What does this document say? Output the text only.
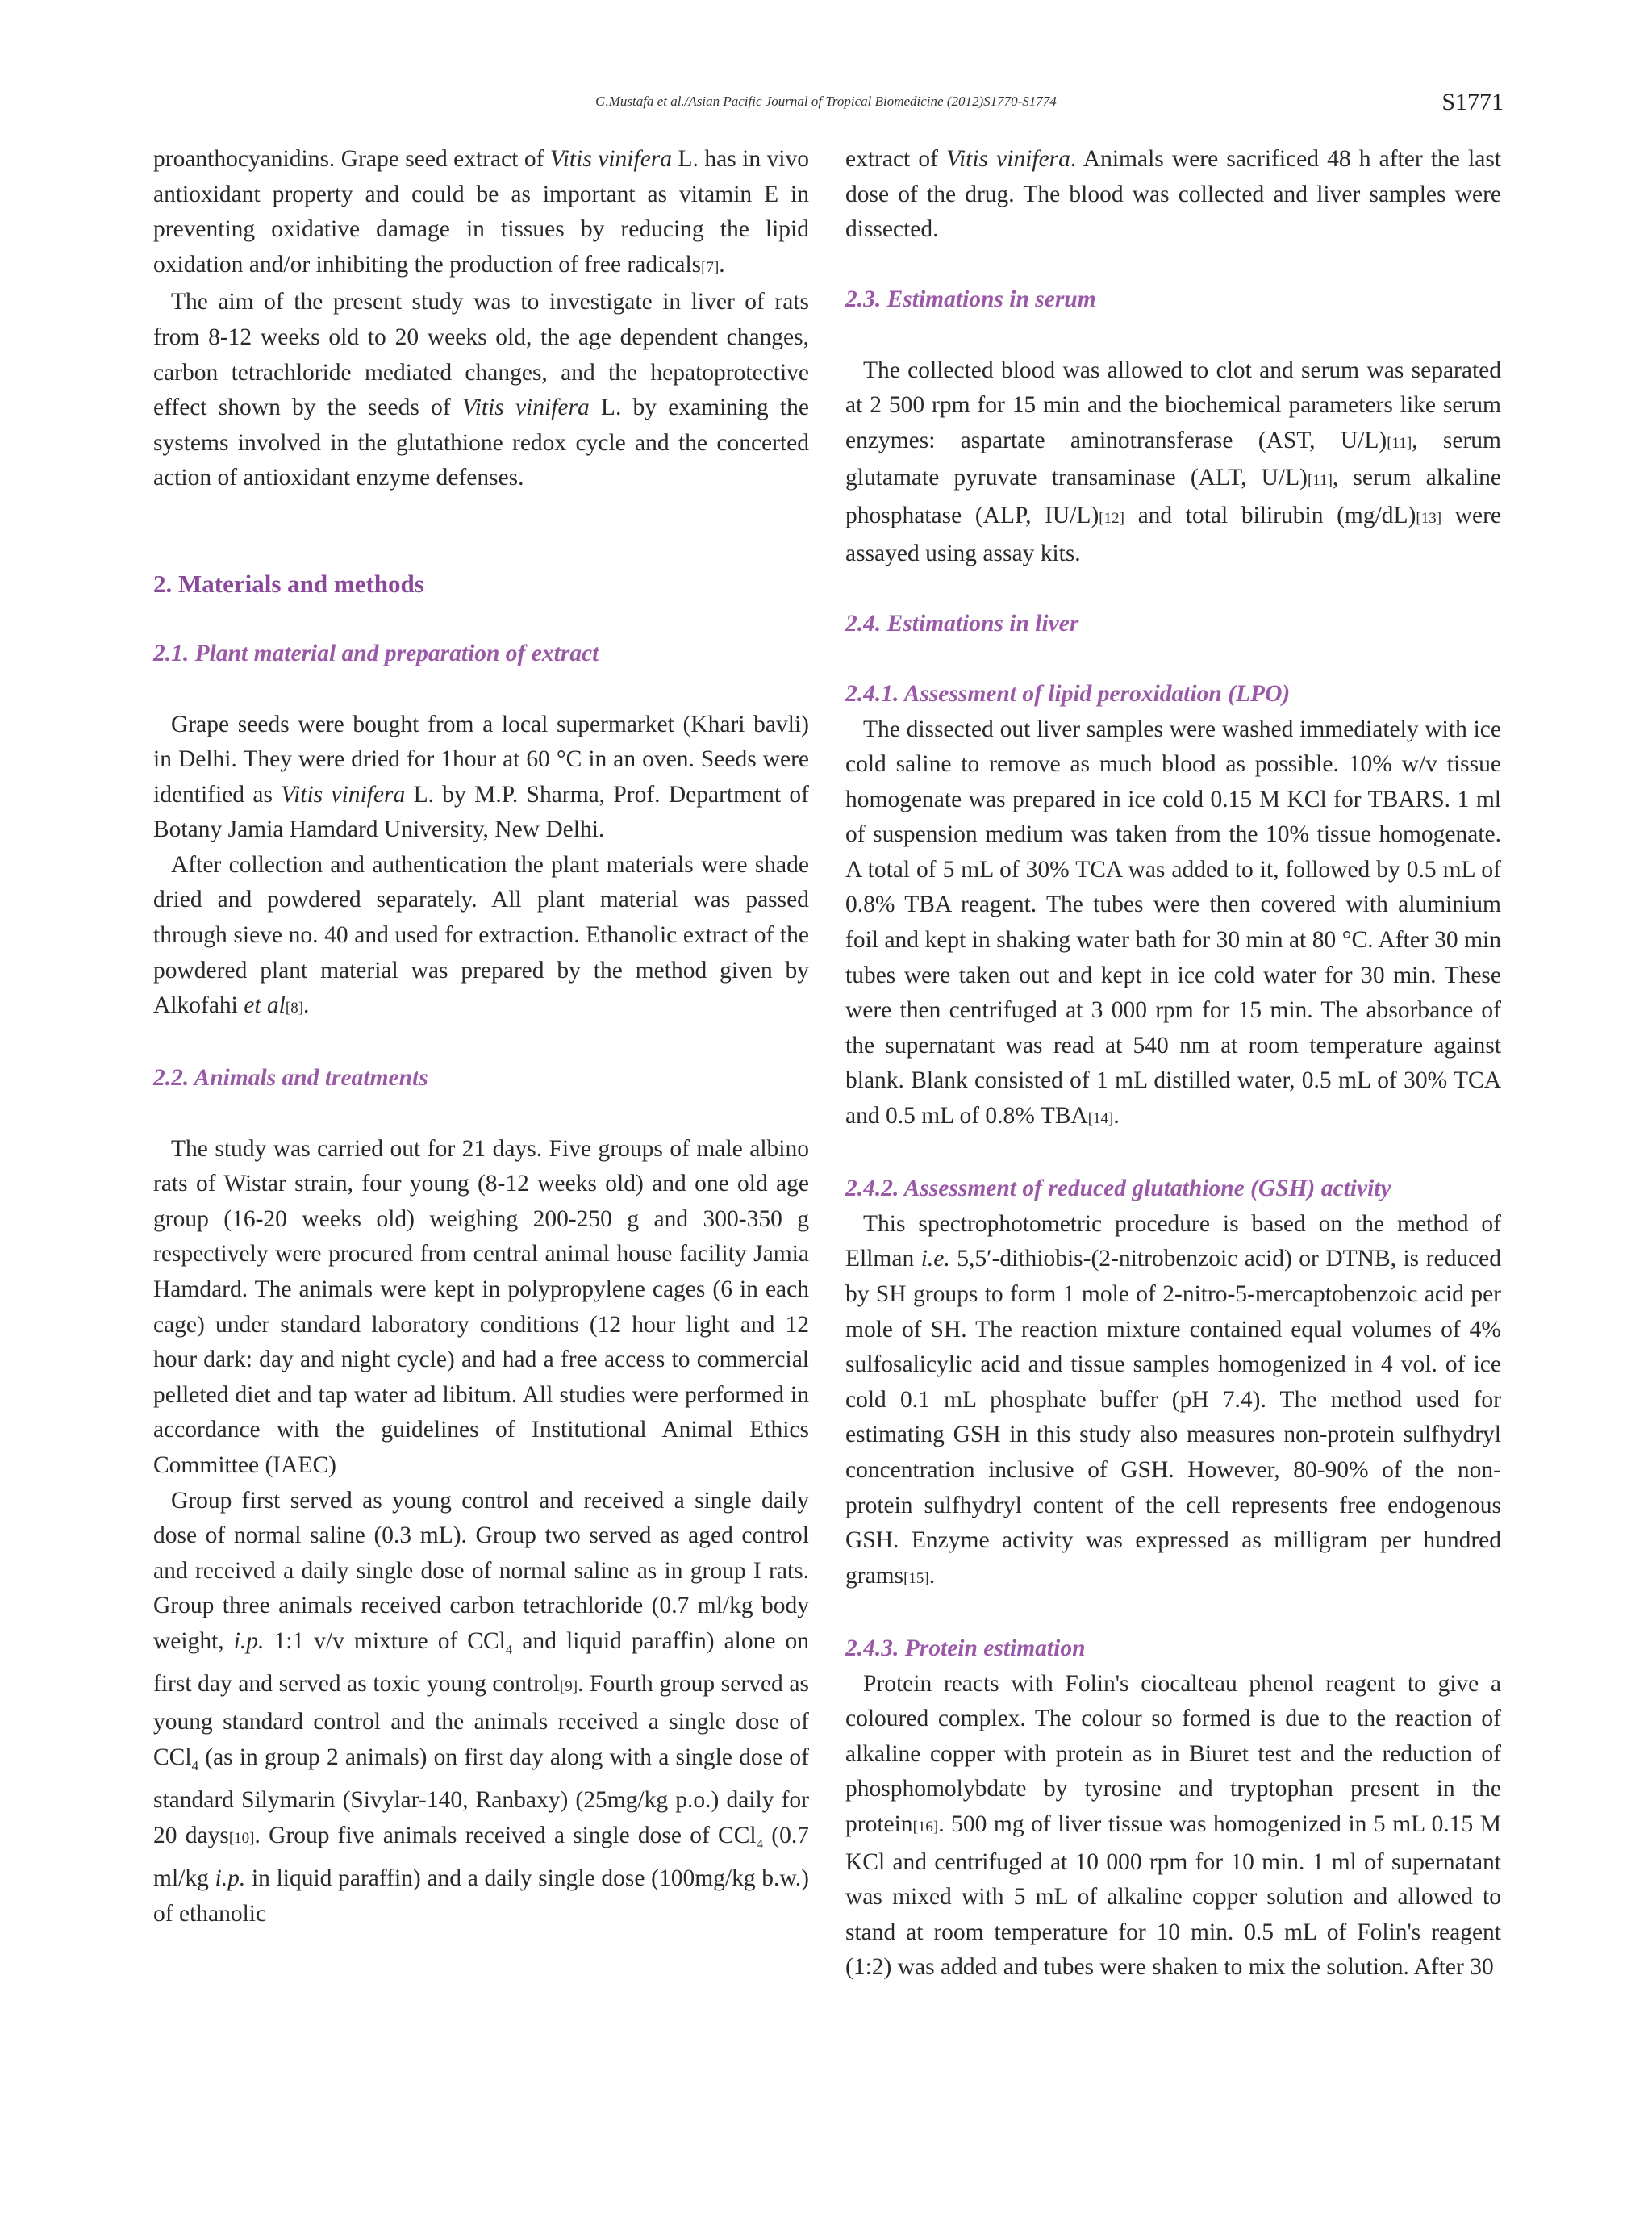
G.Mustafa et al./Asian Pacific Journal of Tropical Biomedicine (2012)S1770-S1774	S1771

proanthocyanidins. Grape seed extract of Vitis vinifera L. has in vivo antioxidant property and could be as important as vitamin E in preventing oxidative damage in tissues by reducing the lipid oxidation and/or inhibiting the production of free radicals[7].

The aim of the present study was to investigate in liver of rats from 8-12 weeks old to 20 weeks old, the age dependent changes, carbon tetrachloride mediated changes, and the hepatoprotective effect shown by the seeds of Vitis vinifera L. by examining the systems involved in the glutathione redox cycle and the concerted action of antioxidant enzyme defenses.

2. Materials and methods
2.1. Plant material and preparation of extract

Grape seeds were bought from a local supermarket (Khari bavli) in Delhi. They were dried for 1hour at 60 °C in an oven. Seeds were identified as Vitis vinifera L. by M.P. Sharma, Prof. Department of Botany Jamia Hamdard University, New Delhi.

After collection and authentication the plant materials were shade dried and powdered separately. All plant material was passed through sieve no. 40 and used for extraction. Ethanolic extract of the powdered plant material was prepared by the method given by Alkofahi et al[8].

2.2. Animals and treatments

The study was carried out for 21 days. Five groups of male albino rats of Wistar strain, four young (8-12 weeks old) and one old age group (16-20 weeks old) weighing 200-250 g and 300-350 g respectively were procured from central animal house facility Jamia Hamdard. The animals were kept in polypropylene cages (6 in each cage) under standard laboratory conditions (12 hour light and 12 hour dark: day and night cycle) and had a free access to commercial pelleted diet and tap water ad libitum. All studies were performed in accordance with the guidelines of Institutional Animal Ethics Committee (IAEC)

Group first served as young control and received a single daily dose of normal saline (0.3 mL). Group two served as aged control and received a daily single dose of normal saline as in group I rats. Group three animals received carbon tetrachloride (0.7 ml/kg body weight, i.p. 1:1 v/v mixture of CCl$_4$ and liquid paraffin) alone on first day and served as toxic young control[9]. Fourth group served as young standard control and the animals received a single dose of CCl$_4$ (as in group 2 animals) on first day along with a single dose of standard Silymarin (Sivylar-140, Ranbaxy) (25mg/kg p.o.) daily for 20 days[10]. Group five animals received a single dose of CCl$_4$ (0.7 ml/kg i.p. in liquid paraffin) and a daily single dose (100mg/kg b.w.) of ethanolic

extract of Vitis vinifera. Animals were sacrificed 48 h after the last dose of the drug. The blood was collected and liver samples were dissected.

2.3. Estimations in serum

The collected blood was allowed to clot and serum was separated at 2 500 rpm for 15 min and the biochemical parameters like serum enzymes: aspartate aminotransferase (AST, U/L)[11], serum glutamate pyruvate transaminase (ALT, U/L)[11], serum alkaline phosphatase (ALP, IU/L)[12] and total bilirubin (mg/dL)[13] were assayed using assay kits.

2.4. Estimations in liver
2.4.1. Assessment of lipid peroxidation (LPO)

The dissected out liver samples were washed immediately with ice cold saline to remove as much blood as possible. 10% w/v tissue homogenate was prepared in ice cold 0.15 M KCl for TBARS. 1 ml of suspension medium was taken from the 10% tissue homogenate. A total of 5 mL of 30% TCA was added to it, followed by 0.5 mL of 0.8% TBA reagent. The tubes were then covered with aluminium foil and kept in shaking water bath for 30 min at 80 °C. After 30 min tubes were taken out and kept in ice cold water for 30 min. These were then centrifuged at 3 000 rpm for 15 min. The absorbance of the supernatant was read at 540 nm at room temperature against blank. Blank consisted of 1 mL distilled water, 0.5 mL of 30% TCA and 0.5 mL of 0.8% TBA[14].

2.4.2. Assessment of reduced glutathione (GSH) activity

This spectrophotometric procedure is based on the method of Ellman i.e. 5,5′-dithiobis-(2-nitrobenzoic acid) or DTNB, is reduced by SH groups to form 1 mole of 2-nitro-5-mercaptobenzoic acid per mole of SH. The reaction mixture contained equal volumes of 4% sulfosalicylic acid and tissue samples homogenized in 4 vol. of ice cold 0.1 mL phosphate buffer (pH 7.4). The method used for estimating GSH in this study also measures non-protein sulfhydryl concentration inclusive of GSH. However, 80-90% of the non-protein sulfhydryl content of the cell represents free endogenous GSH. Enzyme activity was expressed as milligram per hundred grams[15].

2.4.3. Protein estimation

Protein reacts with Folin's ciocalteau phenol reagent to give a coloured complex. The colour so formed is due to the reaction of alkaline copper with protein as in Biuret test and the reduction of phosphomolybdate by tyrosine and tryptophan present in the protein[16]. 500 mg of liver tissue was homogenized in 5 mL 0.15 M KCl and centrifuged at 10 000 rpm for 10 min. 1 ml of supernatant was mixed with 5 mL of alkaline copper solution and allowed to stand at room temperature for 10 min. 0.5 mL of Folin's reagent (1:2) was added and tubes were shaken to mix the solution. After 30
